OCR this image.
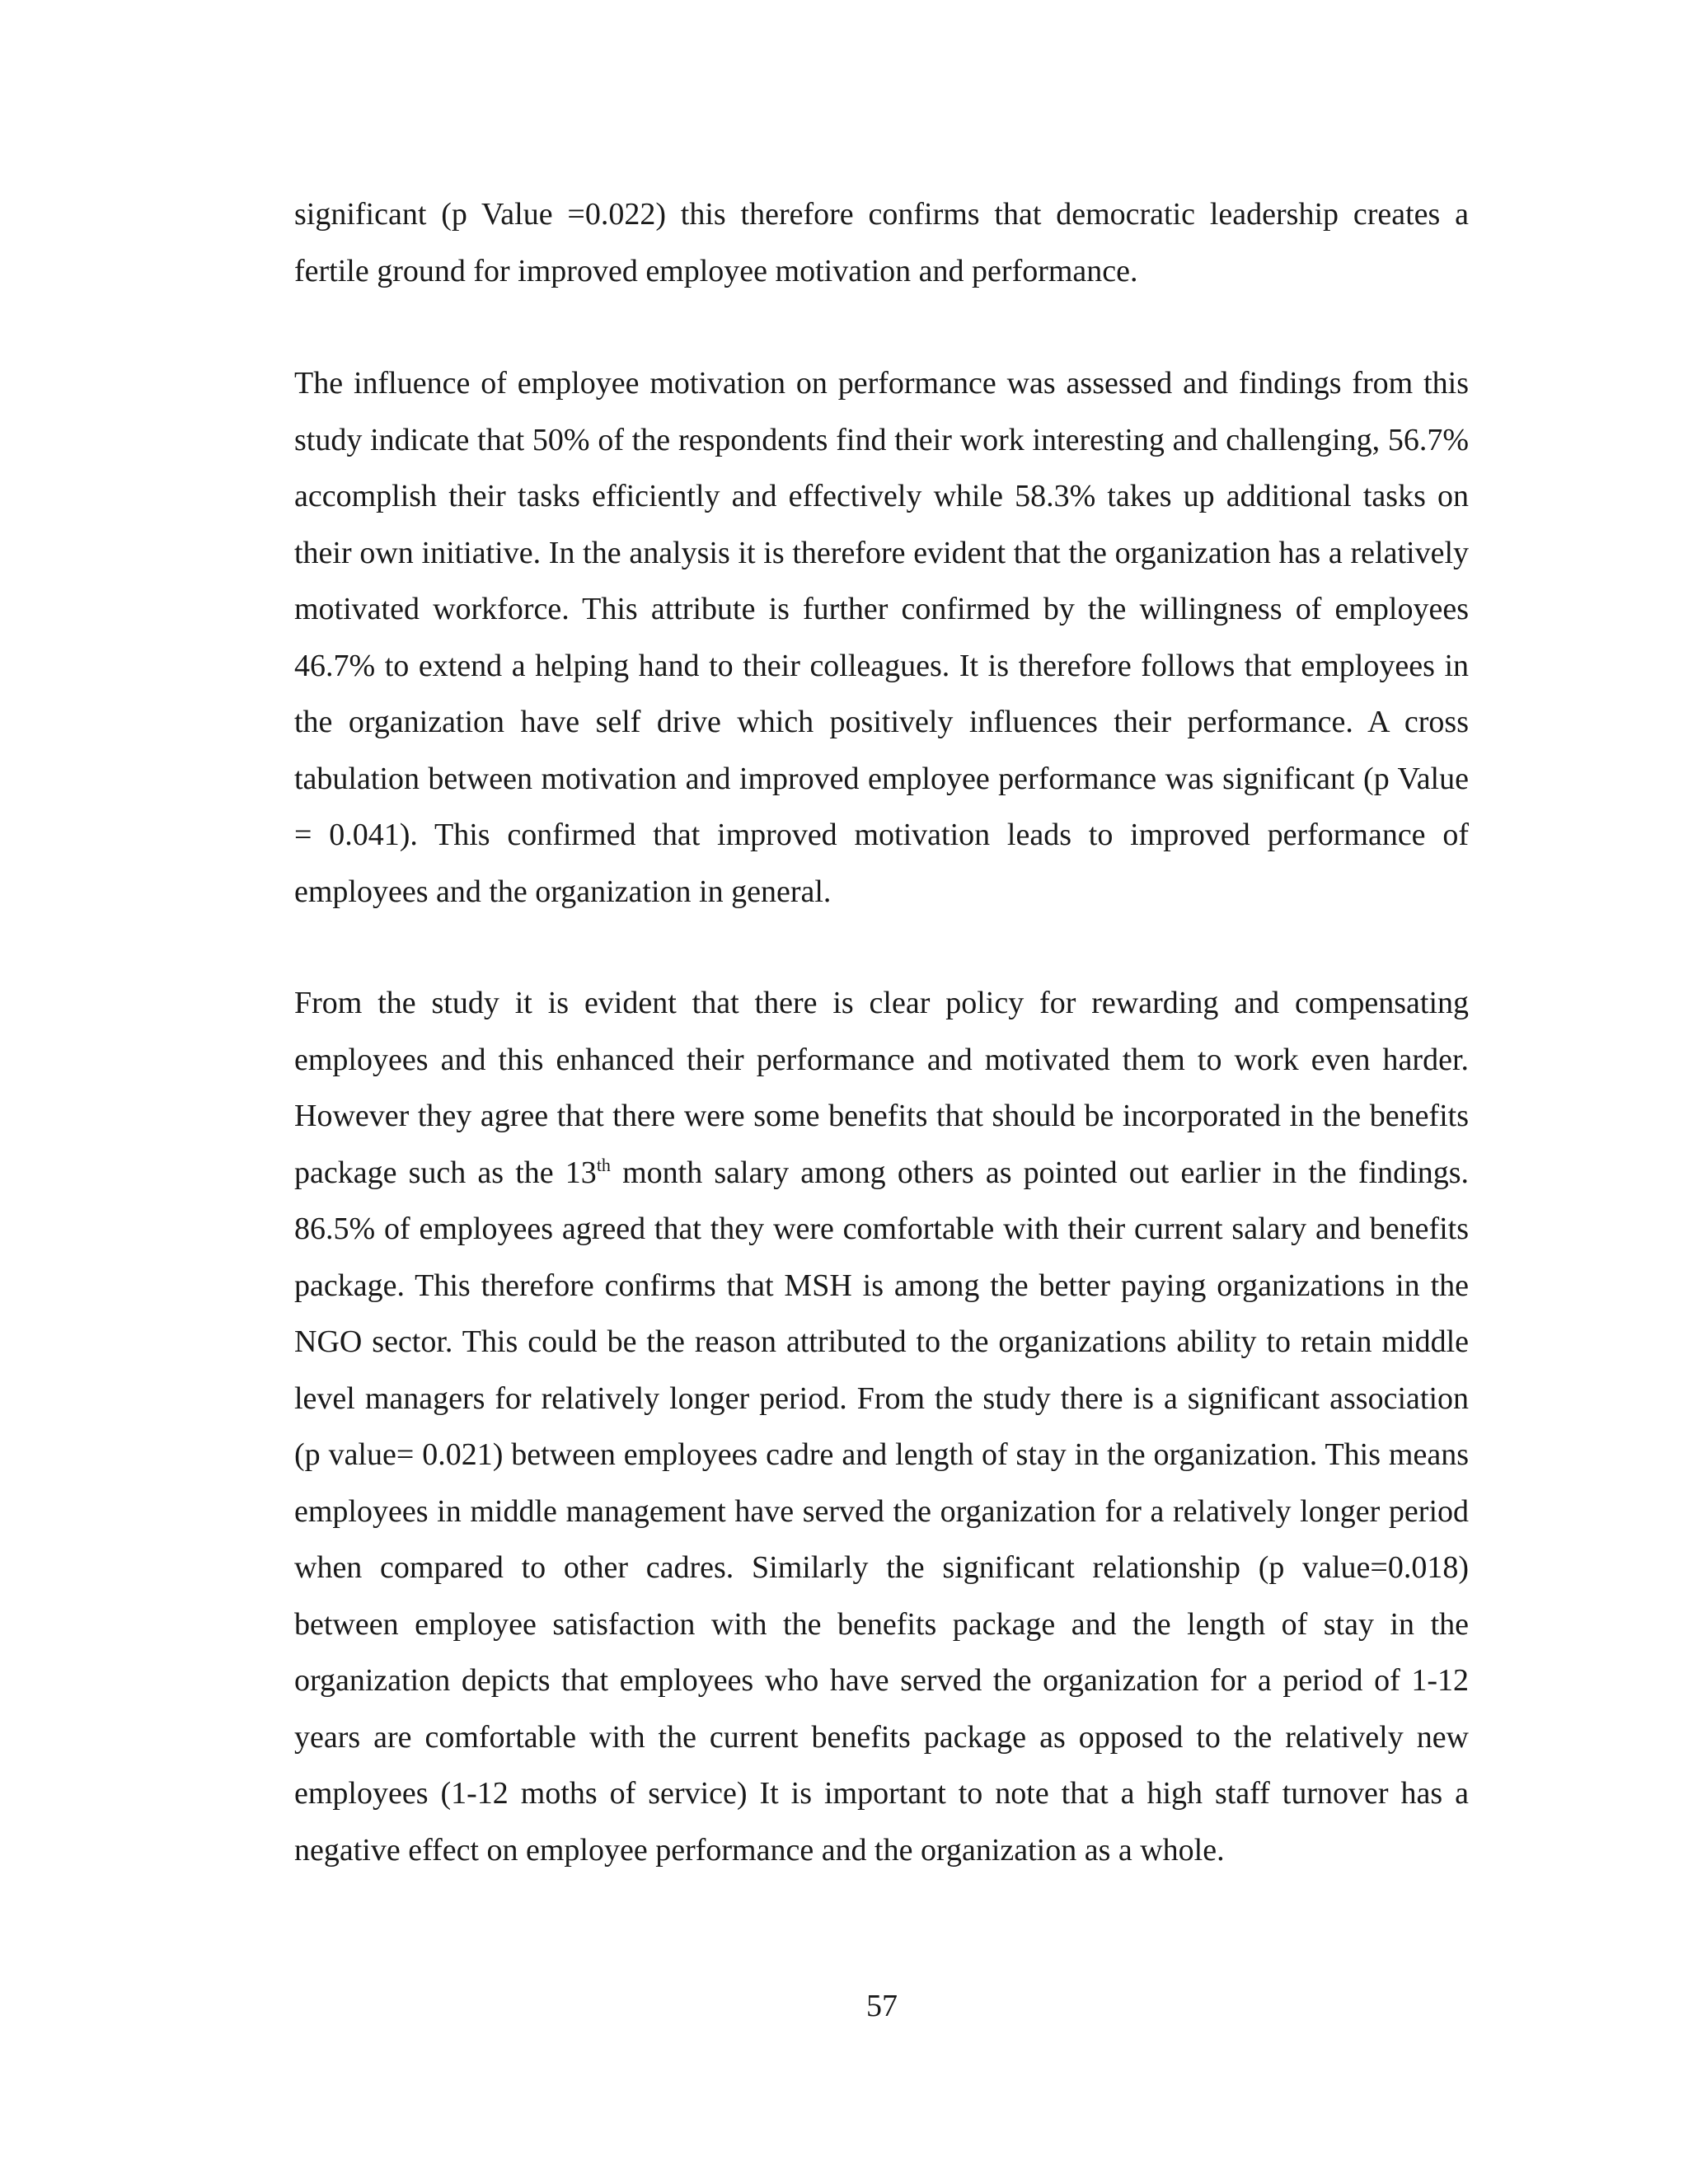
significant (p Value =0.022) this therefore confirms that democratic leadership creates a fertile ground for improved employee motivation and performance.

The influence of employee motivation on performance was assessed and findings from this study indicate that 50% of the respondents find their work interesting and challenging, 56.7% accomplish their tasks efficiently and effectively while 58.3% takes up additional tasks on their own initiative. In the analysis it is therefore evident that the organization has a relatively motivated workforce. This attribute is further confirmed by the willingness of employees 46.7% to extend a helping hand to their colleagues. It is therefore follows that employees in the organization have self drive which positively influences their performance. A cross tabulation between motivation and improved employee performance was significant (p Value = 0.041). This confirmed that improved motivation leads to improved performance of employees and the organization in general.

From the study it is evident that there is clear policy for rewarding and compensating employees and this enhanced their performance and motivated them to work even harder. However they agree that there were some benefits that should be incorporated in the benefits package such as the 13th month salary among others as pointed out earlier in the findings. 86.5% of employees agreed that they were comfortable with their current salary and benefits package. This therefore confirms that MSH is among the better paying organizations in the NGO sector. This could be the reason attributed to the organizations ability to retain middle level managers for relatively longer period. From the study there is a significant association (p value= 0.021) between employees cadre and length of stay in the organization. This means employees in middle management have served the organization for a relatively longer period when compared to other cadres. Similarly the significant relationship (p value=0.018) between employee satisfaction with the benefits package and the length of stay in the organization depicts that employees who have served the organization for a period of 1-12 years are comfortable with the current benefits package as opposed to the relatively new employees (1-12 moths of service) It is important to note that a high staff turnover has a negative effect on employee performance and the organization as a whole.

57
